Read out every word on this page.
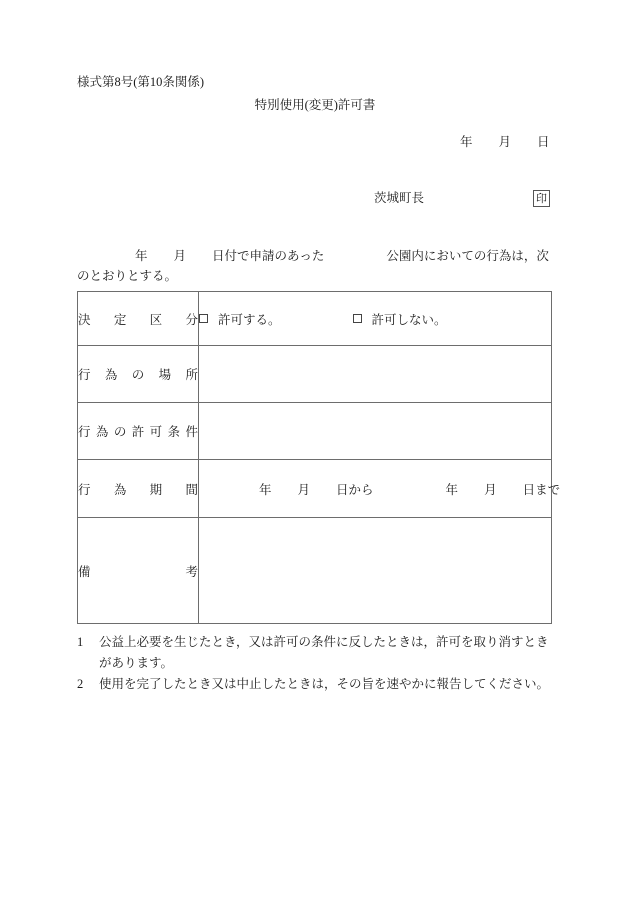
様式第8号(第10条関係)
特別使用(変更)許可書
年 月 日
茨城町長	印
年 月 日付で申請のあった	公園内においての行為は，次のとおりとする。
決 定 区 分	許可する。 許可しない。

行 為 の 場 所	

行 為 の 許 可 条 件

行 為 期 間	年 月 日から 年 月 日まで

備 考	

1	公益上必要を生じたとき，又は許可の条件に反したときは，許可を取り消すときがあります。
2	使用を完了したとき又は中止したときは，その旨を速やかに報告してください。
